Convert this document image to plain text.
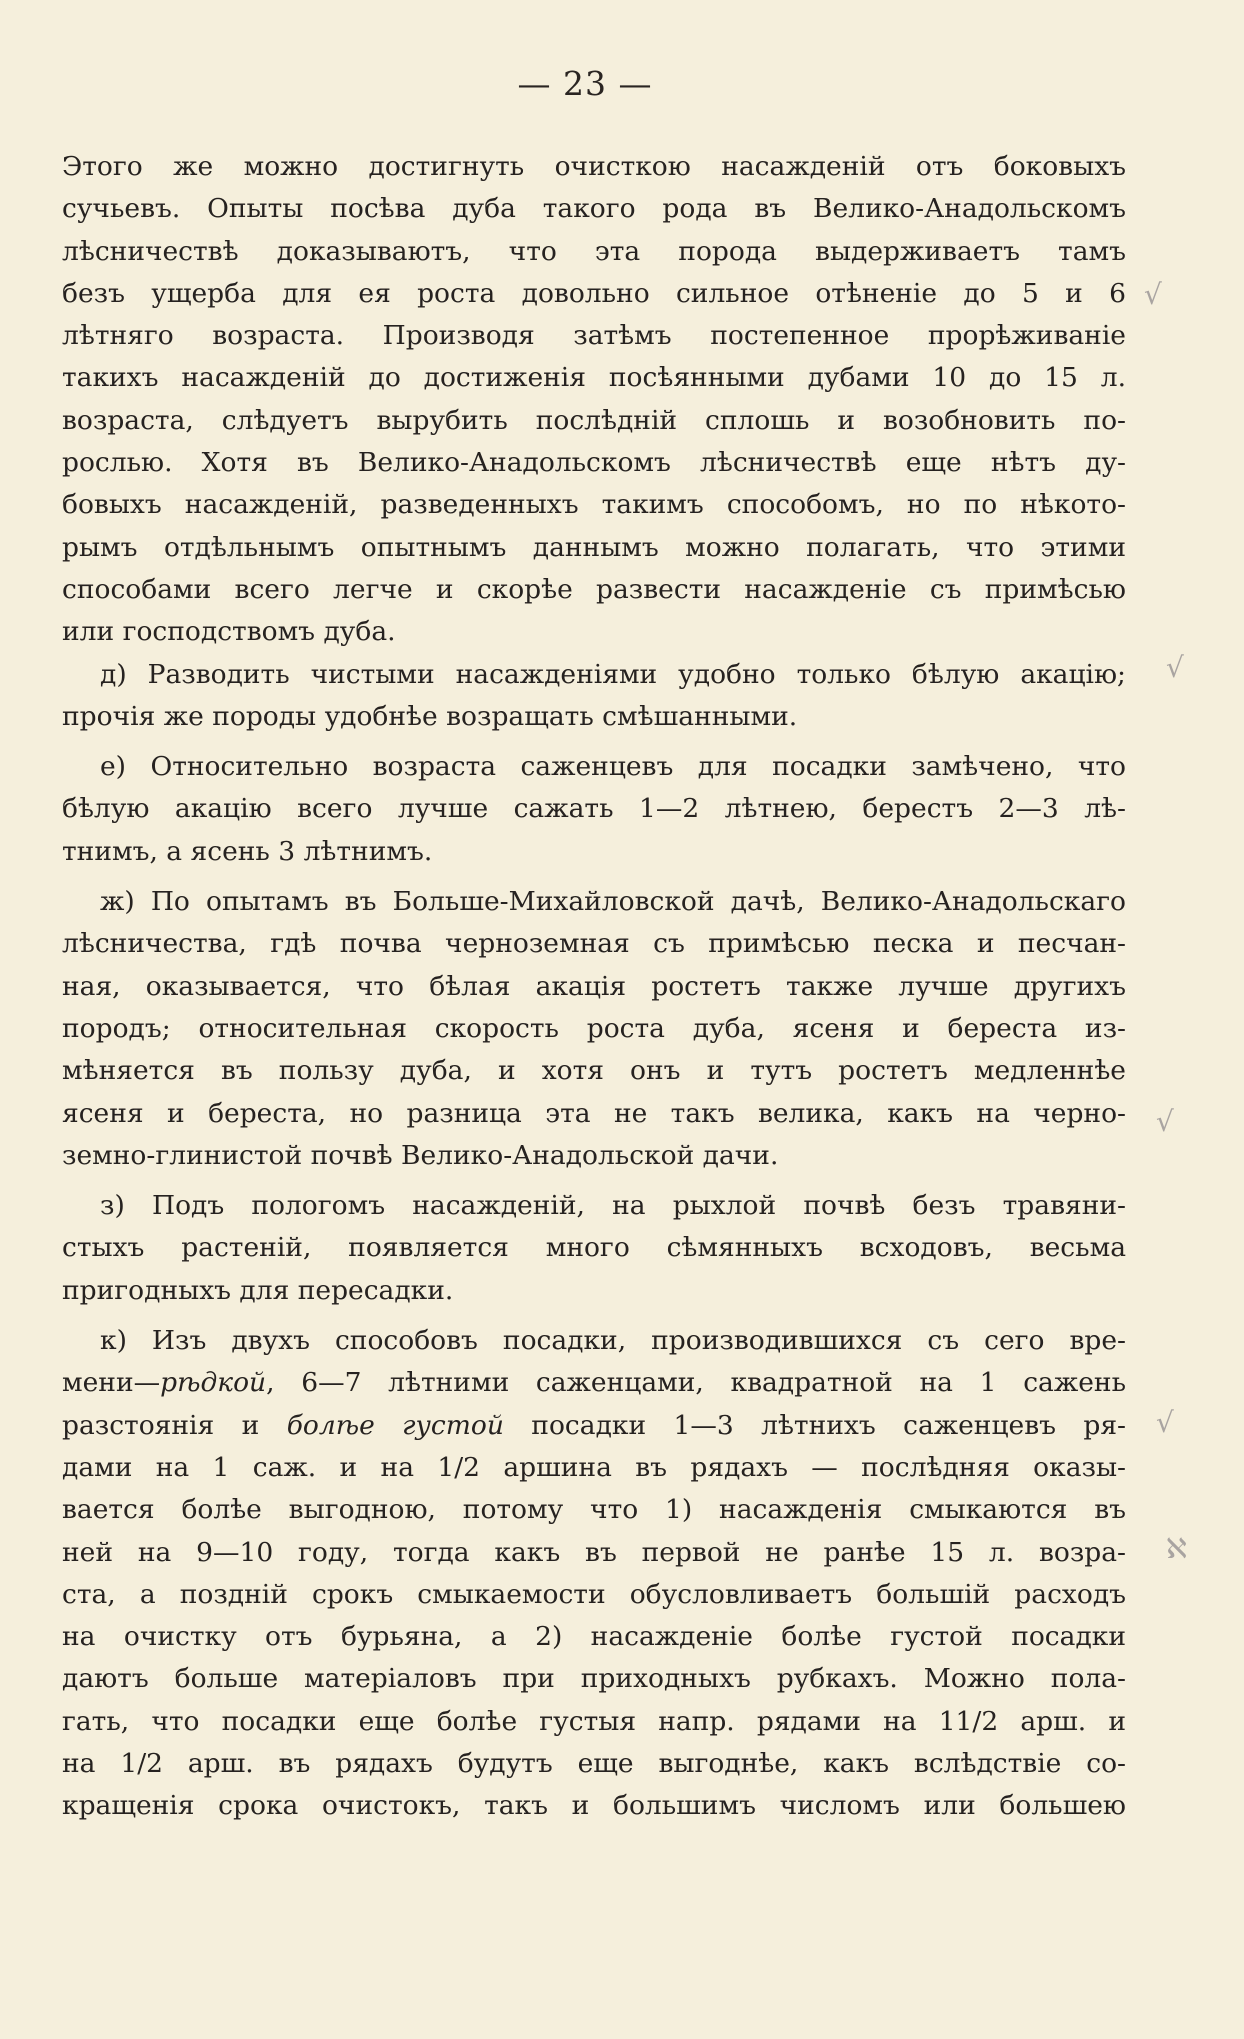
— 23 —
Этого же можно достигнуть очисткою насажденій отъ боковыхъ
сучьевъ. Опыты посѣва дуба такого рода въ Велико-Анадольскомъ
лѣсничествѣ доказываютъ, что эта порода выдерживаетъ тамъ
безъ ущерба для ея роста довольно сильное отѣненіе до 5 и 6
лѣтняго возраста. Производя затѣмъ постепенное прорѣживаніе
такихъ насажденій до достиженія посѣянными дубами 10 до 15 л.
возраста, слѣдуетъ вырубить послѣдній сплошь и возобновить по-
рослью. Хотя въ Велико-Анадольскомъ лѣсничествѣ еще нѣтъ ду-
бовыхъ насажденій, разведенныхъ такимъ способомъ, но по нѣкото-
рымъ отдѣльнымъ опытнымъ даннымъ можно полагать, что этими
способами всего легче и скорѣе развести насажденіе съ примѣсью
или господствомъ дуба.
д) Разводить чистыми насажденіями удобно только бѣлую акацію;
прочія же породы удобнѣе возращать смѣшанными.
е) Относительно возраста саженцевъ для посадки замѣчено, что
бѣлую акацію всего лучше сажать 1—2 лѣтнею, берестъ 2—3 лѣ-
тнимъ, а ясень 3 лѣтнимъ.
ж) По опытамъ въ Больше-Михайловской дачѣ, Велико-Анадольскаго
лѣсничества, гдѣ почва черноземная съ примѣсью песка и песчан-
ная, оказывается, что бѣлая акація ростетъ также лучше другихъ
породъ; относительная скорость роста дуба, ясеня и береста из-
мѣняется въ пользу дуба, и хотя онъ и тутъ ростетъ медленнѣе
ясеня и береста, но разница эта не такъ велика, какъ на черно-
земно-глинистой почвѣ Велико-Анадольской дачи.
з) Подъ пологомъ насажденій, на рыхлой почвѣ безъ травяни-
стыхъ растеній, появляется много сѣмянныхъ всходовъ, весьма
пригодныхъ для пересадки.
к) Изъ двухъ способовъ посадки, производившихся съ сего вре-
мени—рѣдкой, 6—7 лѣтними саженцами, квадратной на 1 сажень
разстоянія и болѣе густой посадки 1—3 лѣтнихъ саженцевъ ря-
дами на 1 саж. и на 1/2 аршина въ рядахъ — послѣдняя оказы-
вается болѣе выгодною, потому что 1) насажденія смыкаются въ
ней на 9—10 году, тогда какъ въ первой не ранѣе 15 л. возра-
ста, а поздній срокъ смыкаемости обусловливаетъ большій расходъ
на очистку отъ бурьяна, а 2) насажденіе болѣе густой посадки
даютъ больше матеріаловъ при приходныхъ рубкахъ. Можно пола-
гать, что посадки еще болѣе густыя напр. рядами на 11/2 арш. и
на 1/2 арш. въ рядахъ будутъ еще выгоднѣе, какъ вслѣдствіе со-
кращенія срока очистокъ, такъ и большимъ числомъ или большею
√
√
√
√
ℵ
